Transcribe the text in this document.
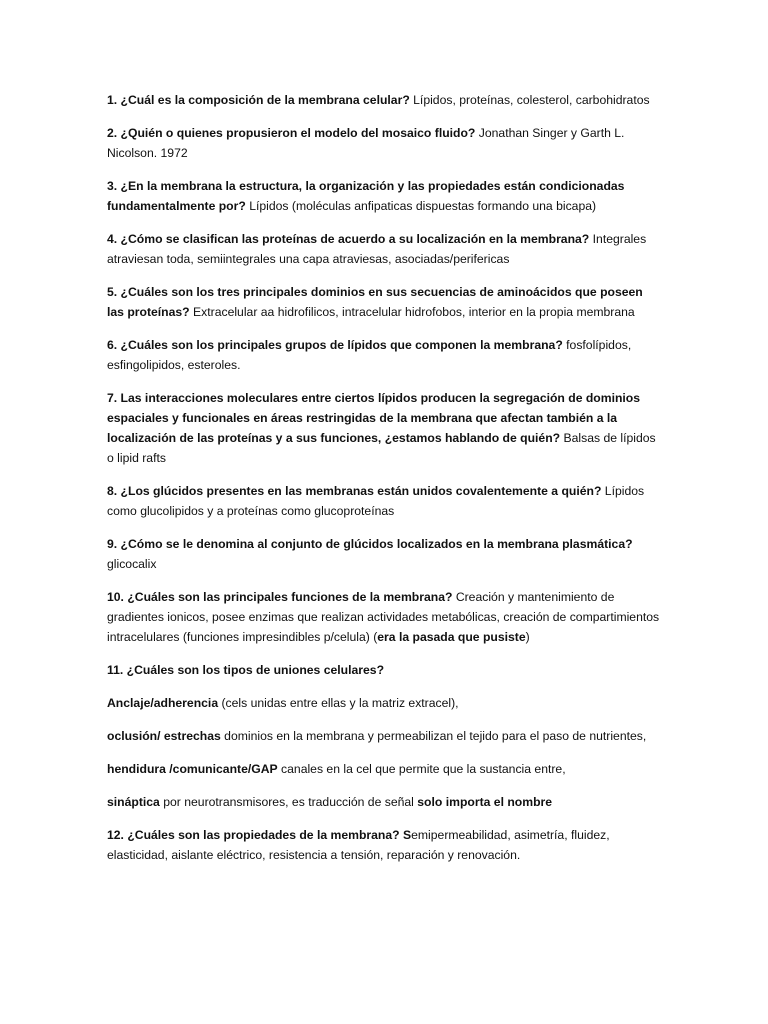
1. ¿Cuál es la composición de la membrana celular? Lípidos, proteínas, colesterol, carbohidratos

2. ¿Quién o quienes propusieron el modelo del mosaico fluido? Jonathan Singer y Garth L. Nicolson. 1972

3. ¿En la membrana la estructura, la organización y las propiedades están condicionadas fundamentalmente por? Lípidos (moléculas anfipaticas dispuestas formando una bicapa)

4. ¿Cómo se clasifican las proteínas de acuerdo a su localización en la membrana? Integrales atraviesan toda, semiintegrales una capa atraviesas, asociadas/perifericas

5. ¿Cuáles son los tres principales dominios en sus secuencias de aminoácidos que poseen las proteínas? Extracelular aa hidrofilicos, intracelular hidrofobos, interior en la propia membrana

6. ¿Cuáles son los principales grupos de lípidos que componen la membrana? fosfolípidos, esfingolipidos, esteroles.

7. Las interacciones moleculares entre ciertos lípidos producen la segregación de dominios espaciales y funcionales en áreas restringidas de la membrana que afectan también a la localización de las proteínas y a sus funciones, ¿estamos hablando de quién? Balsas de lípidos o lipid rafts

8. ¿Los glúcidos presentes en las membranas están unidos covalentemente a quién? Lípidos como glucolipidos y a proteínas como glucoproteínas

9. ¿Cómo se le denomina al conjunto de glúcidos localizados en la membrana plasmática? glicocalix

10. ¿Cuáles son las principales funciones de la membrana? Creación y mantenimiento de gradientes ionicos, posee enzimas que realizan actividades metabólicas, creación de compartimientos intracelulares (funciones impresindibles p/celula) (era la pasada que pusiste)

11. ¿Cuáles son los tipos de uniones celulares?

Anclaje/adherencia (cels unidas entre ellas y la matriz extracel),

oclusión/ estrechas dominios en la membrana y permeabilizan el tejido para el paso de nutrientes,

hendidura /comunicante/GAP canales en la cel que permite que la sustancia entre,

sináptica por neurotransmisores, es traducción de señal solo importa el nombre

12. ¿Cuáles son las propiedades de la membrana? Semipermeabilidad, asimetría, fluidez, elasticidad, aislante eléctrico, resistencia a tensión, reparación y renovación.
